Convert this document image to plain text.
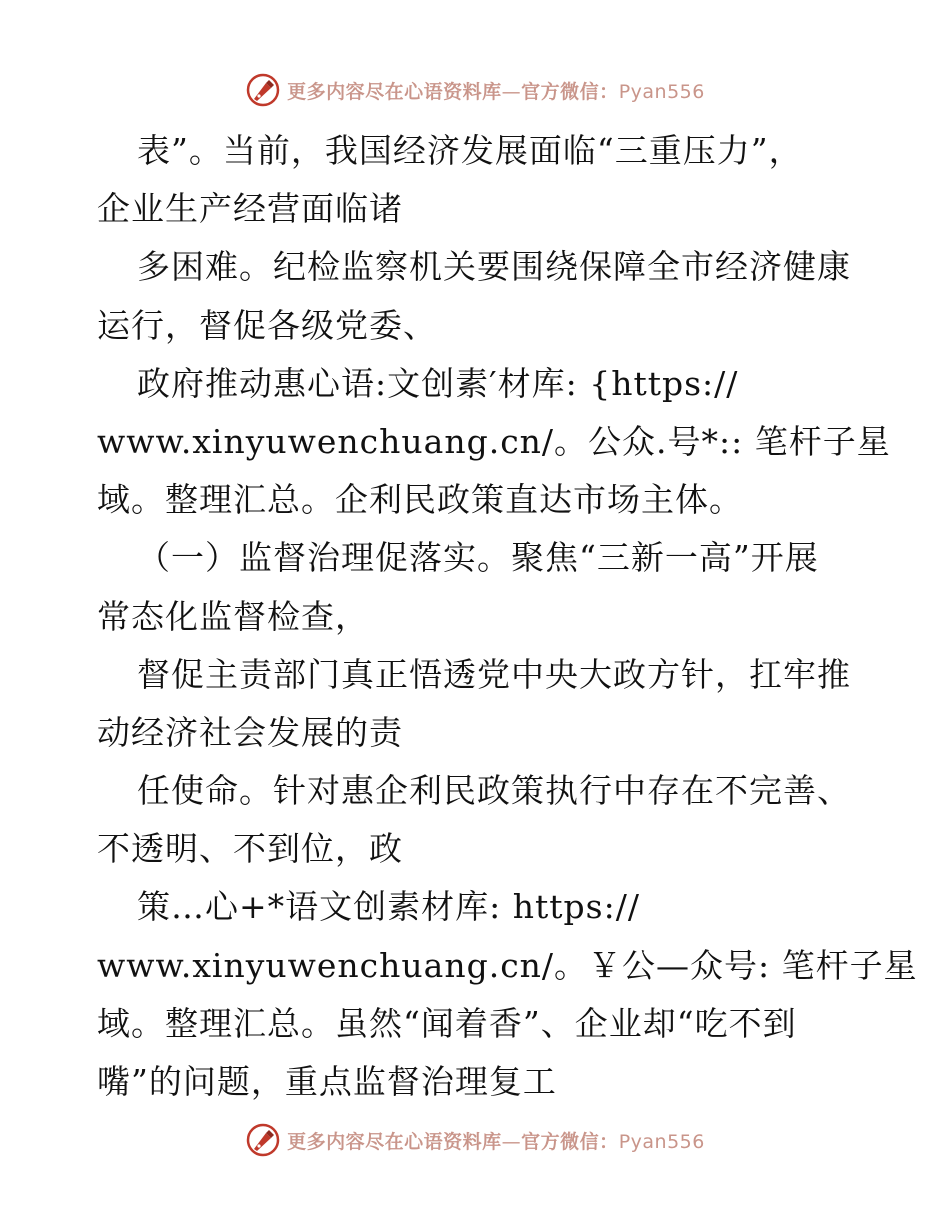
更多内容尽在心语资料库—官方微信：Pyan556
表”。当前，我国经济发展面临“三重压力”，
企业生产经营面临诸
多困难。纪检监察机关要围绕保障全市经济健康
运行，督促各级党委、
政府推动惠心语:文创素′材库: {https://
www.xinyuwenchuang.cn/。公众.号*:: 笔杆子星
域。整理汇总。企利民政策直达市场主体。
（一）监督治理促落实。聚焦“三新一高”开展
常态化监督检查，
督促主责部门真正悟透党中央大政方针，扛牢推
动经济社会发展的责
任使命。针对惠企利民政策执行中存在不完善、
不透明、不到位，政
策…心+*语文创素材库: https://
www.xinyuwenchuang.cn/。￥公—众号: 笔杆子星
域。整理汇总。虽然“闻着香”、企业却“吃不到
嘴”的问题，重点监督治理复工
更多内容尽在心语资料库—官方微信：Pyan556
